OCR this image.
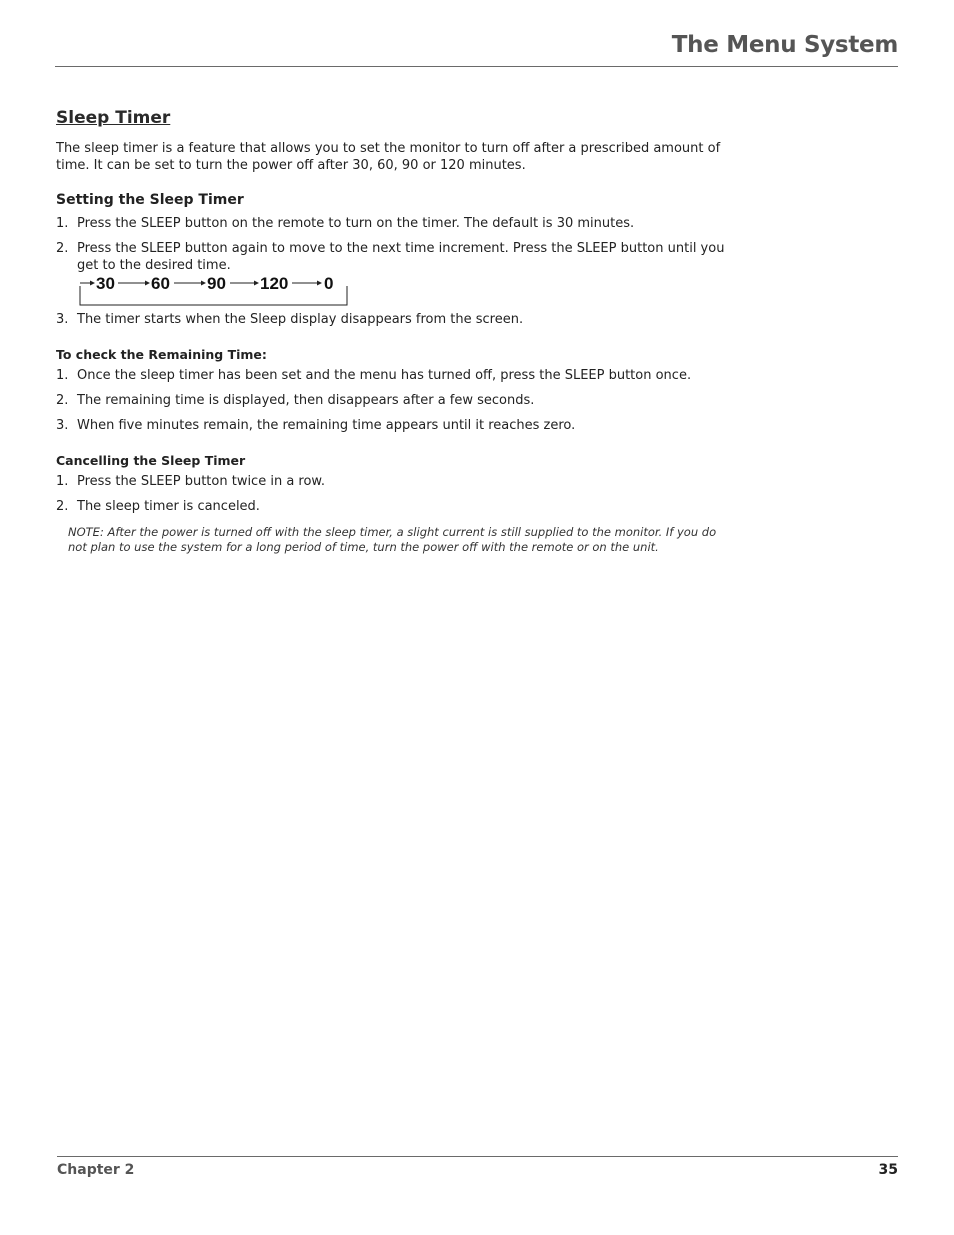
The Menu System
Sleep Timer

The sleep timer is a feature that allows you to set the monitor to turn off after a prescribed amount of time. It can be set to turn the power off after 30, 60, 90 or 120 minutes.

Setting the Sleep Timer
1. Press the SLEEP button on the remote to turn on the timer. The default is 30 minutes.
2. Press the SLEEP button again to move to the next time increment. Press the SLEEP button until you get to the desired time.
30 60 90 120 0
3. The timer starts when the Sleep display disappears from the screen.
To check the Remaining Time:
1. Once the sleep timer has been set and the menu has turned off, press the SLEEP button once.
2. The remaining time is displayed, then disappears after a few seconds.
3. When five minutes remain, the remaining time appears until it reaches zero.
Cancelling the Sleep Timer
1. Press the SLEEP button twice in a row.
2. The sleep timer is canceled.

NOTE: After the power is turned off with the sleep timer, a slight current is still supplied to the monitor. If you do not plan to use the system for a long period of time, turn the power off with the remote or on the unit.

Chapter 2	35
